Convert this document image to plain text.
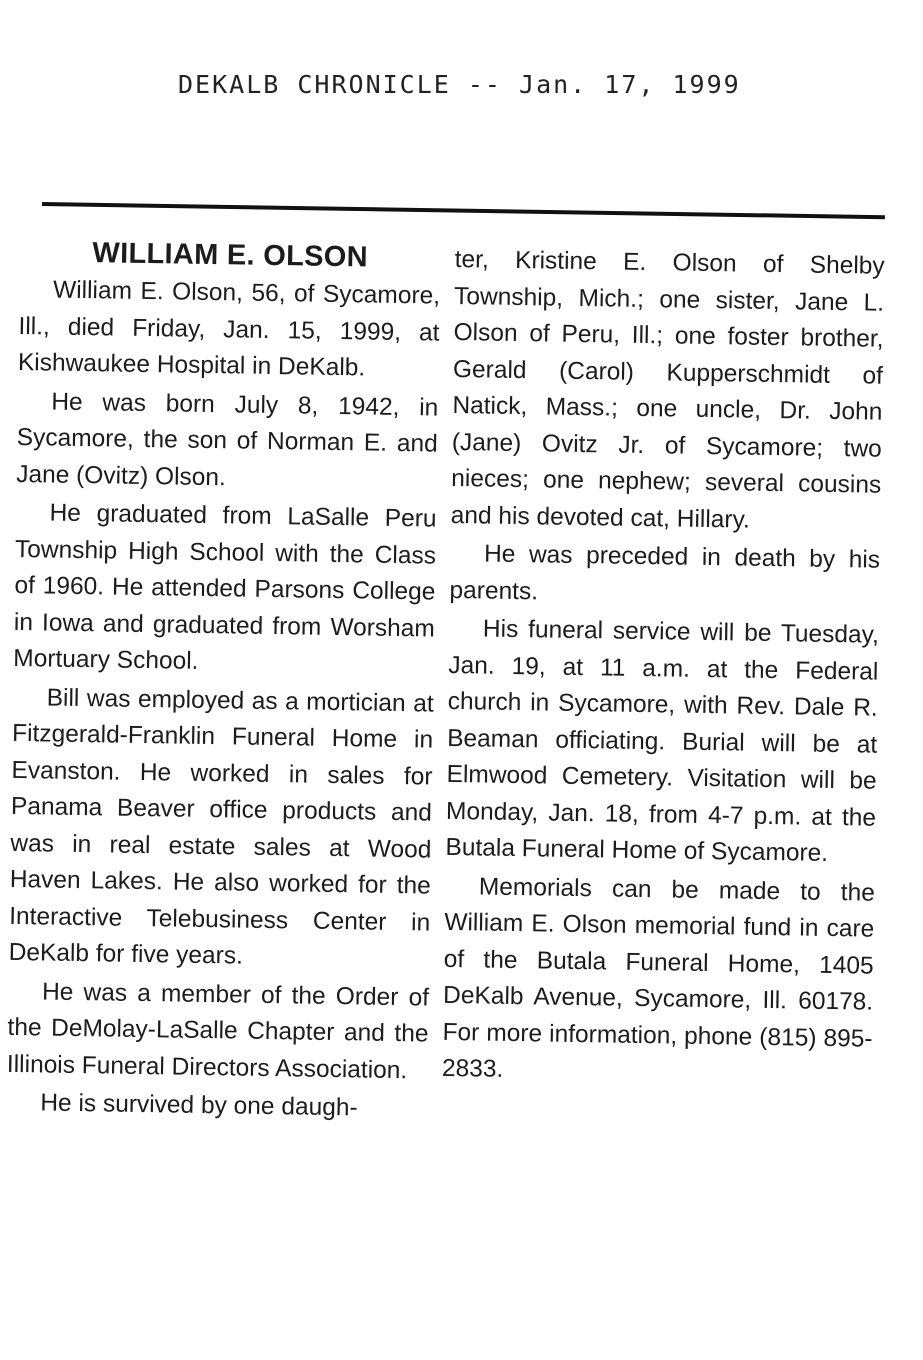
DEKALB CHRONICLE -- Jan. 17, 1999
WILLIAM E. OLSON

William E. Olson, 56, of Sycamore, Ill., died Friday, Jan. 15, 1999, at Kishwaukee Hospital in DeKalb.

He was born July 8, 1942, in Sycamore, the son of Norman E. and Jane (Ovitz) Olson.

He graduated from LaSalle Peru Township High School with the Class of 1960. He attended Parsons College in Iowa and graduated from Worsham Mortuary School.

Bill was employed as a mortician at Fitzgerald-Franklin Funeral Home in Evanston. He worked in sales for Panama Beaver office products and was in real estate sales at Wood Haven Lakes. He also worked for the Interactive Telebusiness Center in DeKalb for five years.

He was a member of the Order of the DeMolay-LaSalle Chapter and the Illinois Funeral Directors Association.

He is survived by one daugh-

ter, Kristine E. Olson of Shelby Township, Mich.; one sister, Jane L. Olson of Peru, Ill.; one foster brother, Gerald (Carol) Kupperschmidt of Natick, Mass.; one uncle, Dr. John (Jane) Ovitz Jr. of Sycamore; two nieces; one nephew; several cousins and his devoted cat, Hillary.

He was preceded in death by his parents.

His funeral service will be Tuesday, Jan. 19, at 11 a.m. at the Federal church in Sycamore, with Rev. Dale R. Beaman officiating. Burial will be at Elmwood Cemetery. Visitation will be Monday, Jan. 18, from 4-7 p.m. at the Butala Funeral Home of Sycamore.

Memorials can be made to the William E. Olson memorial fund in care of the Butala Funeral Home, 1405 DeKalb Avenue, Sycamore, Ill. 60178. For more information, phone (815) 895-2833.
